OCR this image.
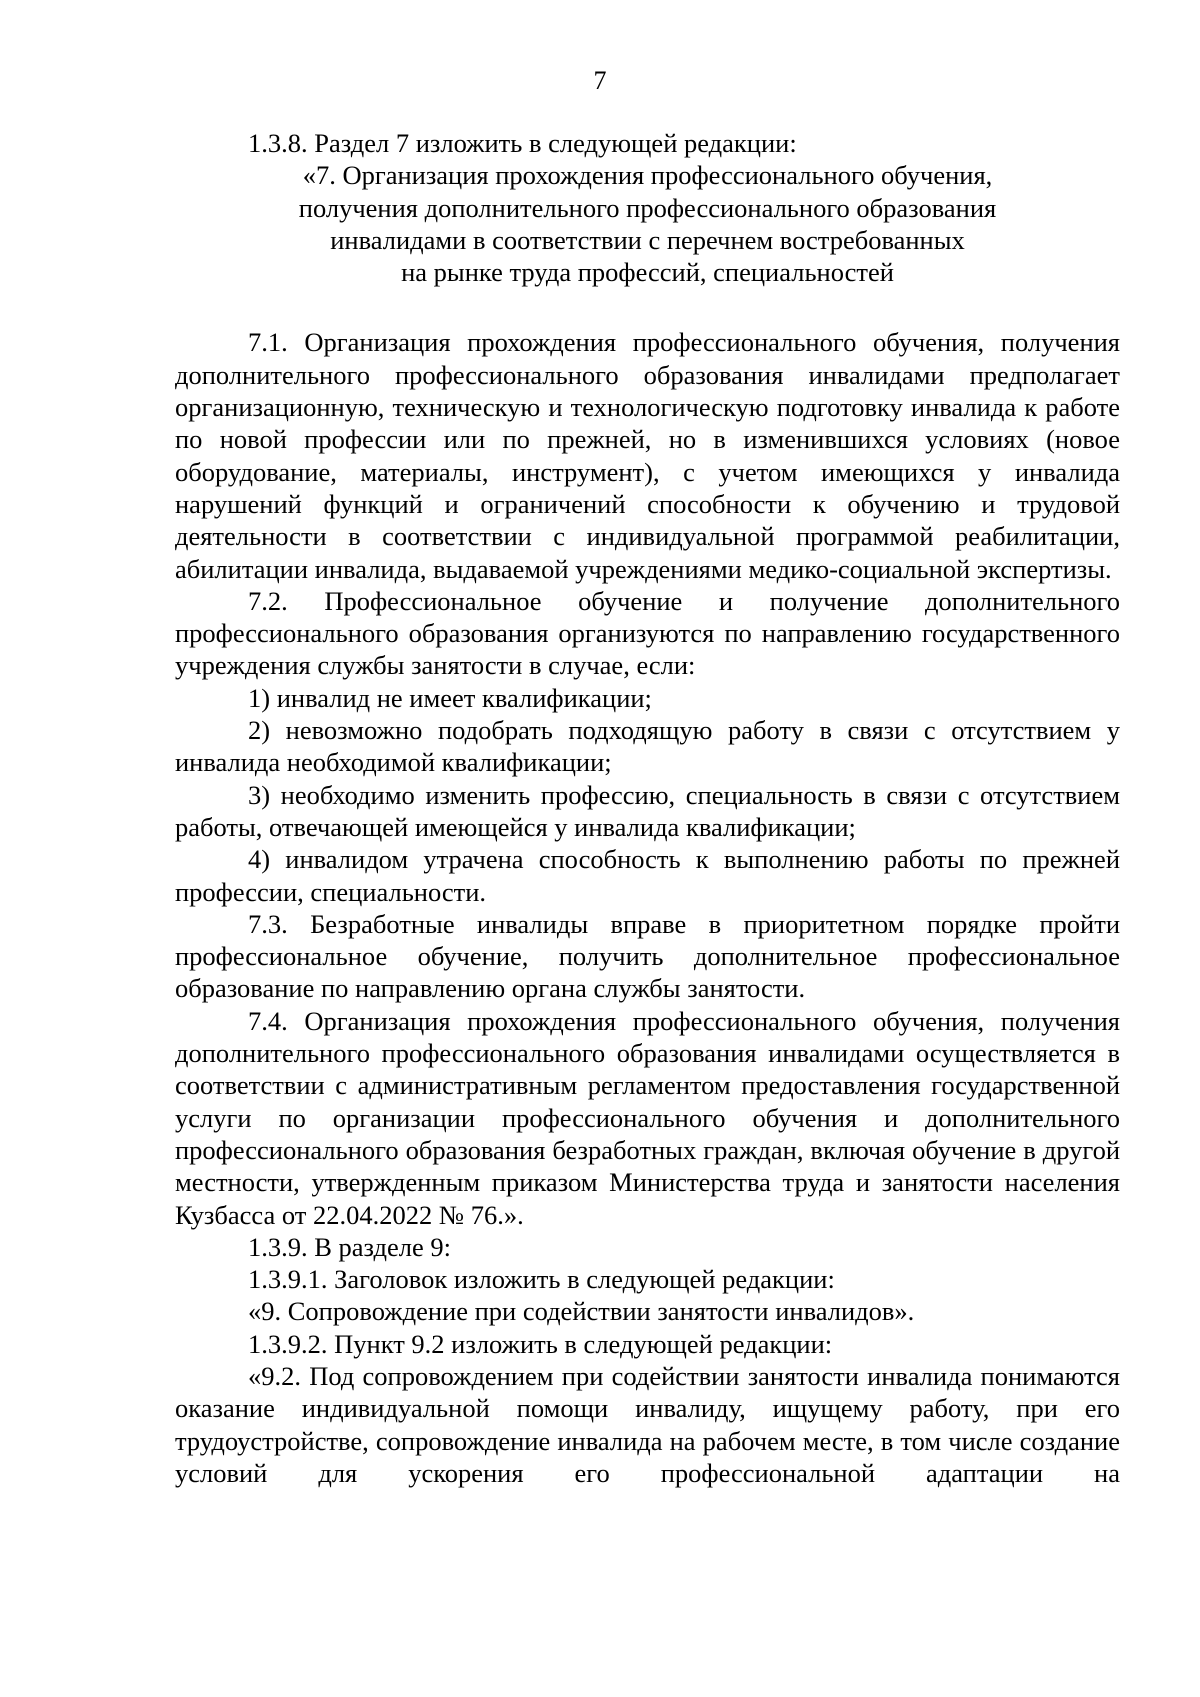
7

1.3.8. Раздел 7 изложить в следующей редакции:

«7. Организация прохождения профессионального обучения,
получения дополнительного профессионального образования
инвалидами в соответствии с перечнем востребованных
на рынке труда профессий, специальностей

7.1. Организация прохождения профессионального обучения, получения дополнительного профессионального образования инвалидами предполагает организационную, техническую и технологическую подготовку инвалида к работе по новой профессии или по прежней, но в изменившихся условиях (новое оборудование, материалы, инструмент), с учетом имеющихся у инвалида нарушений функций и ограничений способности к обучению и трудовой деятельности в соответствии с индивидуальной программой реабилитации, абилитации инвалида, выдаваемой учреждениями медико-социальной экспертизы.

7.2. Профессиональное обучение и получение дополнительного профессионального образования организуются по направлению государственного учреждения службы занятости в случае, если:

1) инвалид не имеет квалификации;

2) невозможно подобрать подходящую работу в связи с отсутствием у инвалида необходимой квалификации;

3) необходимо изменить профессию, специальность в связи с отсутствием работы, отвечающей имеющейся у инвалида квалификации;

4) инвалидом утрачена способность к выполнению работы по прежней профессии, специальности.

7.3. Безработные инвалиды вправе в приоритетном порядке пройти профессиональное обучение, получить дополнительное профессиональное образование по направлению органа службы занятости.

7.4. Организация прохождения профессионального обучения, получения дополнительного профессионального образования инвалидами осуществляется в соответствии с административным регламентом предоставления государственной услуги по организации профессионального обучения и дополнительного профессионального образования безработных граждан, включая обучение в другой местности, утвержденным приказом Министерства труда и занятости населения Кузбасса от 22.04.2022 № 76.».

1.3.9. В разделе 9:

1.3.9.1. Заголовок изложить в следующей редакции:

«9. Сопровождение при содействии занятости инвалидов».

1.3.9.2. Пункт 9.2 изложить в следующей редакции:

«9.2. Под сопровождением при содействии занятости инвалида понимаются оказание индивидуальной помощи инвалиду, ищущему работу, при его трудоустройстве, сопровождение инвалида на рабочем месте, в том числе создание условий для ускорения его профессиональной адаптации на
